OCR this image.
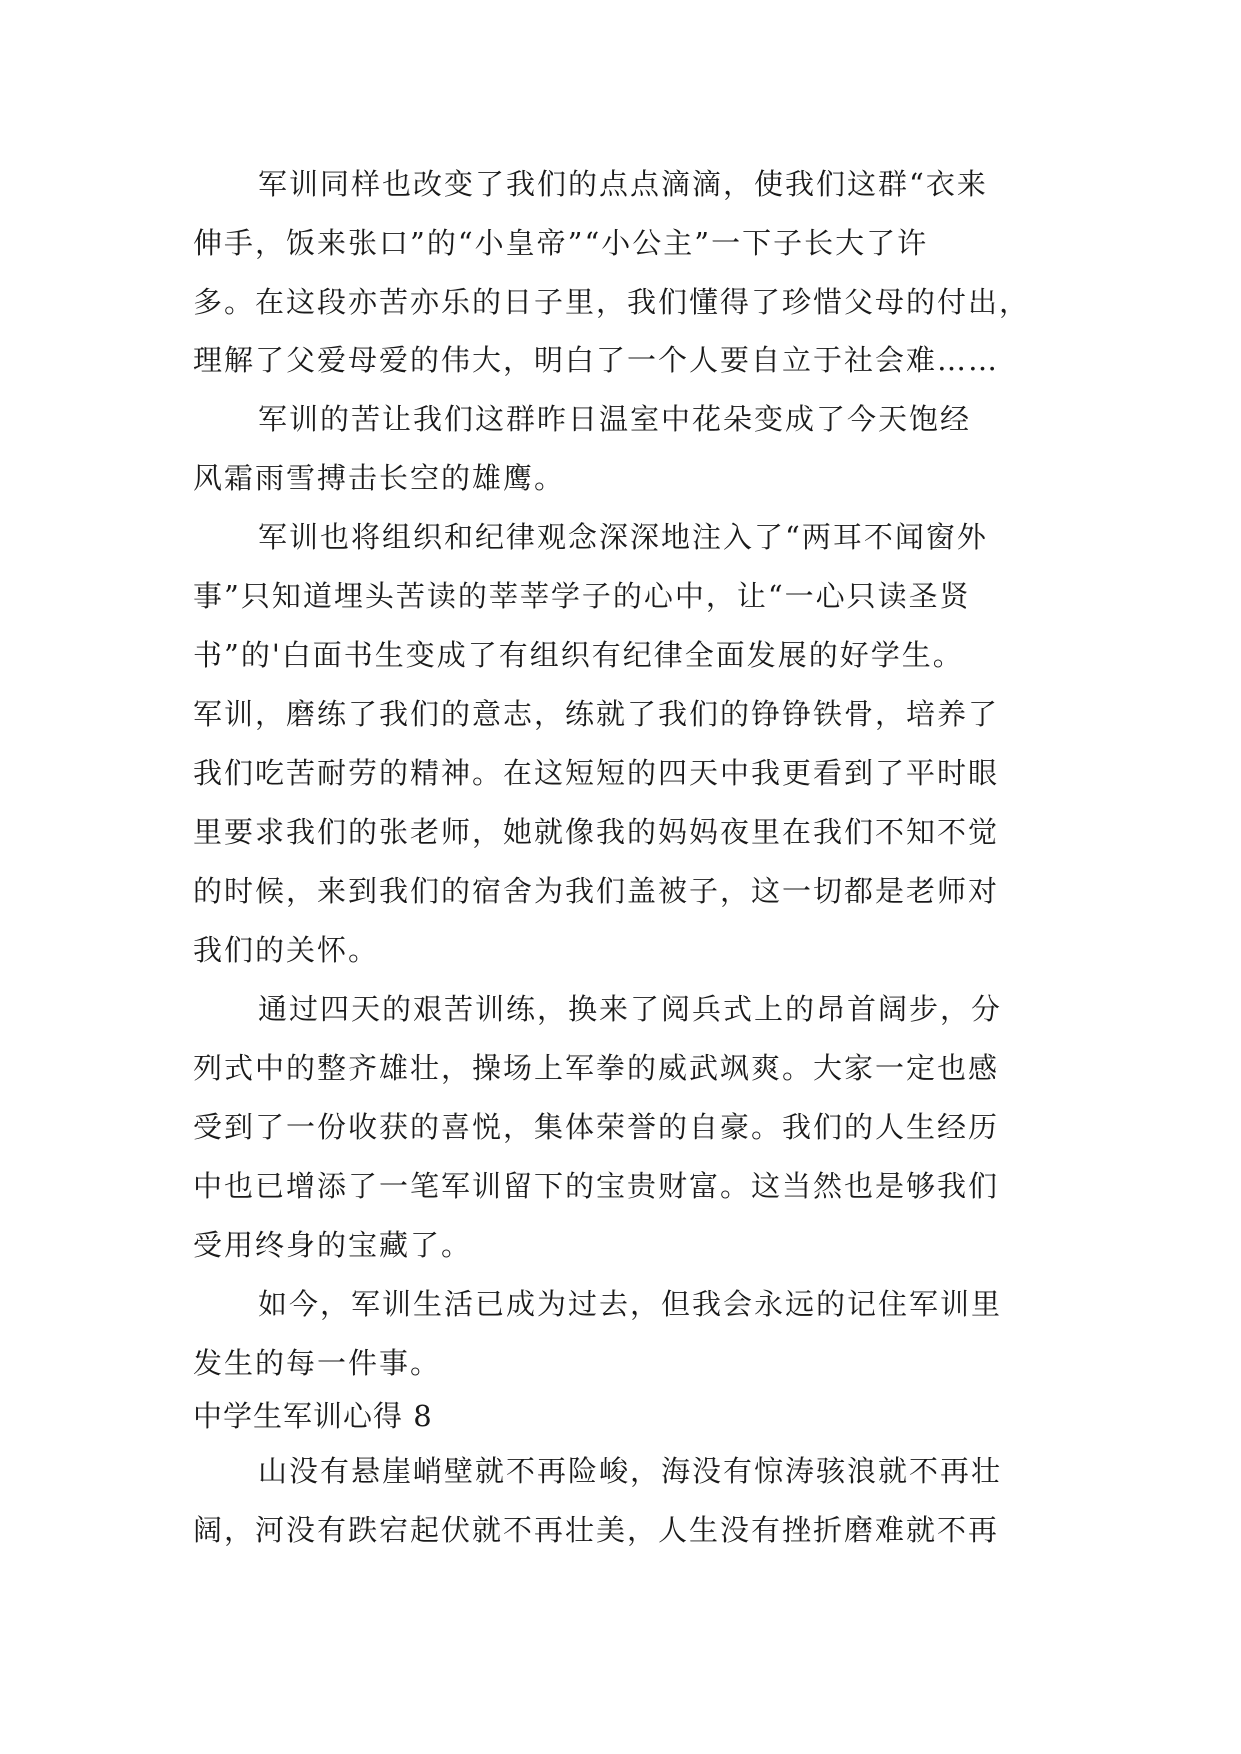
军训同样也改变了我们的点点滴滴，使我们这群“衣来
伸手，饭来张口”的“小皇帝”“小公主”一下子长大了许
多。在这段亦苦亦乐的日子里，我们懂得了珍惜父母的付出，
理解了父爱母爱的伟大，明白了一个人要自立于社会难……
军训的苦让我们这群昨日温室中花朵变成了今天饱经
风霜雨雪搏击长空的雄鹰。
军训也将组织和纪律观念深深地注入了“两耳不闻窗外
事”只知道埋头苦读的莘莘学子的心中，让“一心只读圣贤
书”的'白面书生变成了有组织有纪律全面发展的好学生。
军训，磨练了我们的意志，练就了我们的铮铮铁骨，培养了
我们吃苦耐劳的精神。在这短短的四天中我更看到了平时眼
里要求我们的张老师，她就像我的妈妈夜里在我们不知不觉
的时候，来到我们的宿舍为我们盖被子，这一切都是老师对
我们的关怀。
通过四天的艰苦训练，换来了阅兵式上的昂首阔步，分
列式中的整齐雄壮，操场上军拳的威武飒爽。大家一定也感
受到了一份收获的喜悦，集体荣誉的自豪。我们的人生经历
中也已增添了一笔军训留下的宝贵财富。这当然也是够我们
受用终身的宝藏了。
如今，军训生活已成为过去，但我会永远的记住军训里
发生的每一件事。
中学生军训心得 8
山没有悬崖峭壁就不再险峻，海没有惊涛骇浪就不再壮
阔，河没有跌宕起伏就不再壮美，人生没有挫折磨难就不再
